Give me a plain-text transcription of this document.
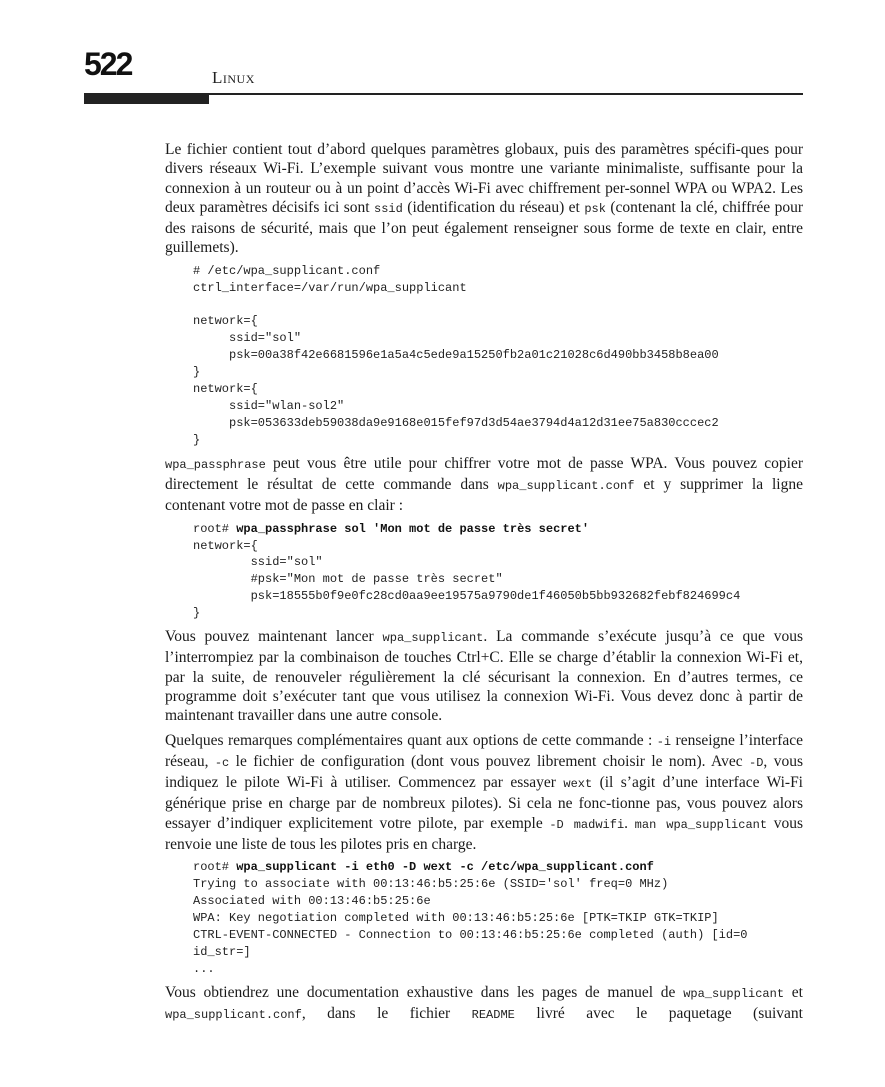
522	Linux

Le fichier contient tout d’abord quelques paramètres globaux, puis des paramètres spécifi-ques pour divers réseaux Wi-Fi. L’exemple suivant vous montre une variante minimaliste, suffisante pour la connexion à un routeur ou à un point d’accès Wi-Fi avec chiffrement per-sonnel WPA ou WPA2. Les deux paramètres décisifs ici sont ssid (identification du réseau) et psk (contenant la clé, chiffrée pour des raisons de sécurité, mais que l’on peut également renseigner sous forme de texte en clair, entre guillemets).

# /etc/wpa_supplicant.conf
ctrl_interface=/var/run/wpa_supplicant
network={
ssid="sol"
psk=00a38f42e6681596e1a5a4c5ede9a15250fb2a01c21028c6d490bb3458b8ea00
}
network={
ssid="wlan-sol2"
psk=053633deb59038da9e9168e015fef97d3d54ae3794d4a12d31ee75a830cccec2
}

wpa_passphrase peut vous être utile pour chiffrer votre mot de passe WPA. Vous pouvez copier directement le résultat de cette commande dans wpa_supplicant.conf et y supprimer la ligne contenant votre mot de passe en clair :

root# wpa_passphrase sol 'Mon mot de passe très secret'
network={
ssid="sol"
#psk="Mon mot de passe très secret"
psk=18555b0f9e0fc28cd0aa9ee19575a9790de1f46050b5bb932682febf824699c4
}

Vous pouvez maintenant lancer wpa_supplicant. La commande s’exécute jusqu’à ce que vous l’interrompiez par la combinaison de touches Ctrl+C. Elle se charge d’établir la connexion Wi-Fi et, par la suite, de renouveler régulièrement la clé sécurisant la connexion. En d’autres termes, ce programme doit s’exécuter tant que vous utilisez la connexion Wi-Fi. Vous devez donc à partir de maintenant travailler dans une autre console.

Quelques remarques complémentaires quant aux options de cette commande : -i renseigne l’interface réseau, -c le fichier de configuration (dont vous pouvez librement choisir le nom). Avec -D, vous indiquez le pilote Wi-Fi à utiliser. Commencez par essayer wext (il s’agit d’une interface Wi-Fi générique prise en charge par de nombreux pilotes). Si cela ne fonc-tionne pas, vous pouvez alors essayer d’indiquer explicitement votre pilote, par exemple -D madwifi. man wpa_supplicant vous renvoie une liste de tous les pilotes pris en charge.

root# wpa_supplicant -i eth0 -D wext -c /etc/wpa_supplicant.conf
Trying to associate with 00:13:46:b5:25:6e (SSID='sol' freq=0 MHz)
Associated with 00:13:46:b5:25:6e
WPA: Key negotiation completed with 00:13:46:b5:25:6e [PTK=TKIP GTK=TKIP]
CTRL-EVENT-CONNECTED - Connection to 00:13:46:b5:25:6e completed (auth) [id=0
id_str=]
...

Vous obtiendrez une documentation exhaustive dans les pages de manuel de wpa_supplicant et wpa_supplicant.conf, dans le fichier README livré avec le paquetage (suivant
